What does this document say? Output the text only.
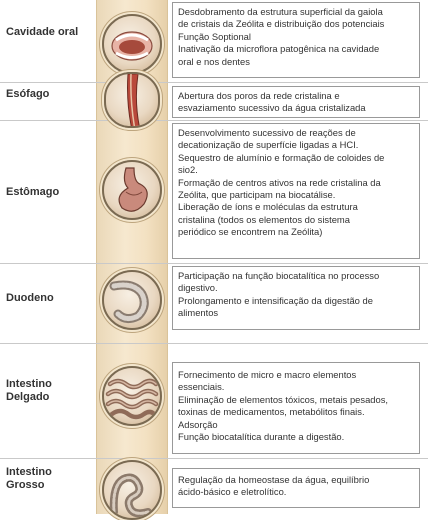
Cavidade oral

Desdobramento da estrutura superficial da gaiola

de cristais da Zeólita e distribuição dos potenciais

Função Soptional

Inativação da microflora patogênica na cavidade

oral e nos dentes

Esófago	Abertura dos poros da rede cristalina e

esvaziamento sucessivo da água cristalizada

Estômago

Desenvolvimento sucessivo de reações de

decationização de superfície ligadas a HCI.

Sequestro de alumínio e formação de coloides de

sio2.

Formação de centros ativos na rede cristalina da

Zeólita, que participam na biocatálise.

Liberação de íons e moléculas da estrutura

cristalina (todos os elementos do sistema

periódico se encontrem na Zeólita)

Duodeno

Participação na função biocatalítica no processo

digestivo.

Prolongamento e intensificação da digestão de

alimentos

Intestino
Delgado

Fornecimento de micro e macro elementos

essenciais.

Eliminação de elementos tóxicos, metais pesados,

toxinas de medicamentos, metabólitos finais.

Adsorção

Função biocatalítica durante a digestão.

Intestino
Grosso	Regulação da homeostase da água, equilíbrio

ácido-básico e eletrolítico.
